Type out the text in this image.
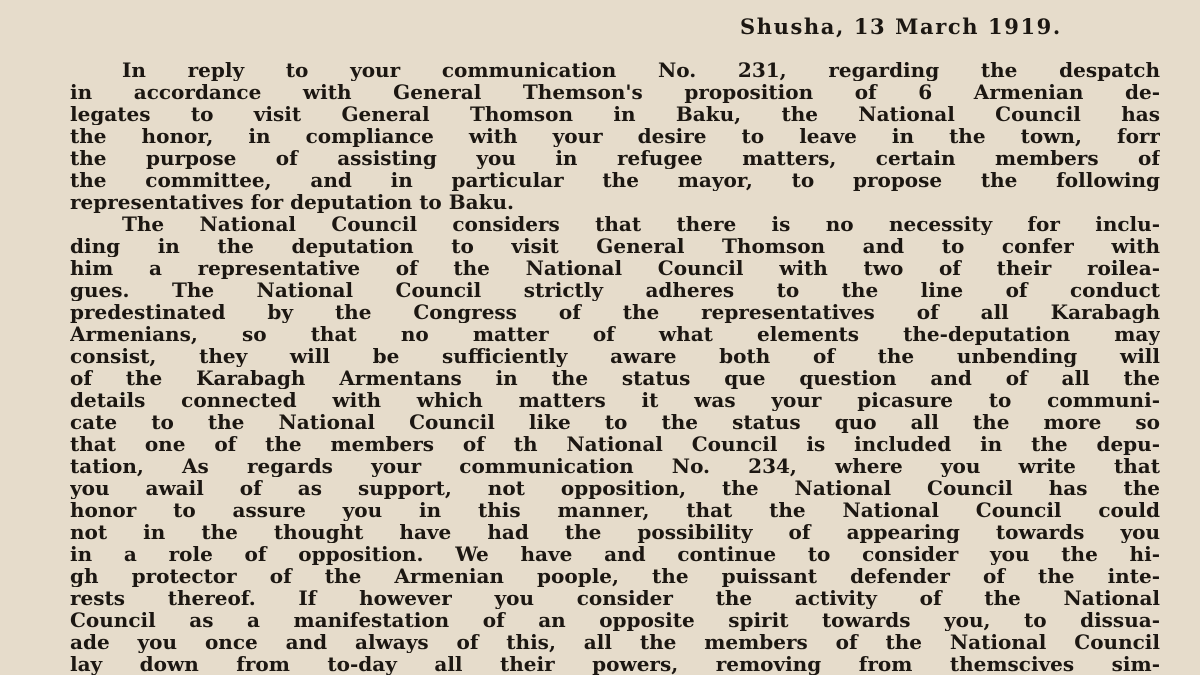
Shusha, 13 March 1919.
In reply to your communication No. 231, regarding the despatch
in accordance with General Themson's proposition of 6 Armenian de-
legates to visit General Thomson in Baku, the National Council has
the honor, in compliance with your desire to leave in the town, forr
the purpose of assisting you in refugee matters, certain members of
the committee, and in particular the mayor, to propose the following
representatives for deputation to Baku.
The National Council considers that there is no necessity for inclu-
ding in the deputation to visit General Thomson and to confer with
him a representative of the National Council with two of their roilea-
gues. The National Council strictly adheres to the line of conduct
predestinated by the Congress of the representatives of all Karabagh
Armenians, so that no matter of what elements the-deputation may
consist, they will be sufficiently aware both of the unbending will
of the Karabagh Armentans in the status que question and of all the
details connected with which matters it was your picasure to communi-
cate to the National Council like to the status quo all the more so
that one of the members of th National Council is included in the depu-
tation, As regards your communication No. 234, where you write that
you awail of as support, not opposition, the National Council has the
honor to assure you in this manner, that the National Council could
not in the thought have had the possibility of appearing towards you
in a role of opposition. We have and continue to consider you the hi-
gh protector of the Armenian poople, the puissant defender of the inte-
rests thereof. If however you consider the activity of the National
Council as a manifestation of an opposite spirit towards you, to dissua-
ade you once and always of this, all the members of the National Council
lay down from to-day all their powers, removing from themscives sim-
